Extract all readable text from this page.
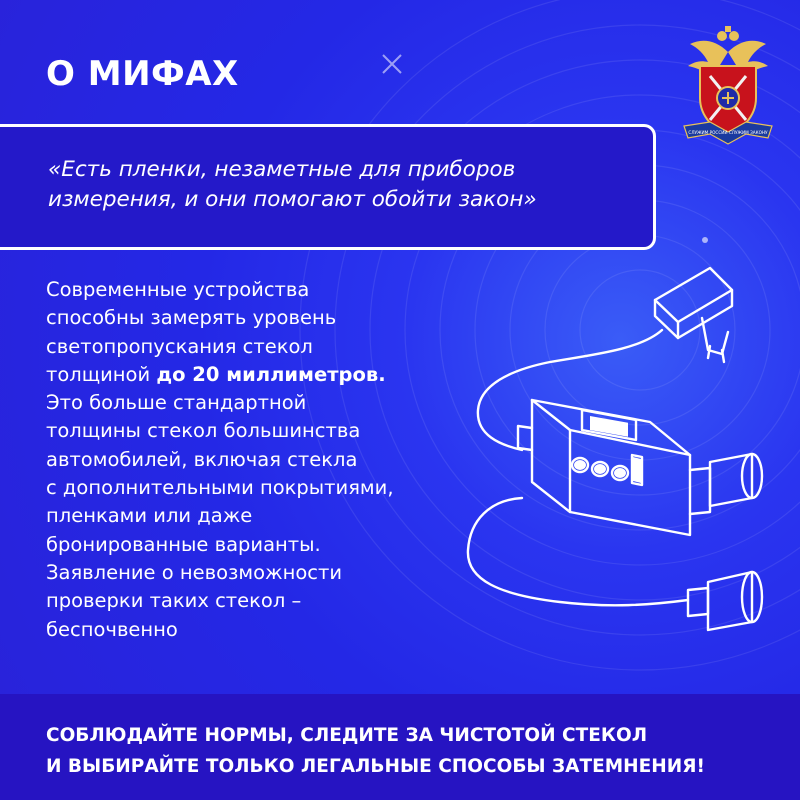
О МИФАХ
СЛУЖИМ РОССИИ СЛУЖИМ ЗАКОНУ

«Есть пленки, незаметные для приборов
измерения, и они помогают обойти закон»

Современные устройства
способны замерять уровень
светопропускания стекол
толщиной до 20 миллиметров.
Это больше стандартной
толщины стекол большинства
автомобилей, включая стекла
с дополнительными покрытиями,
пленками или даже
бронированные варианты.
Заявление о невозможности
проверки таких стекол –
беспочвенно

СОБЛЮДАЙТЕ НОРМЫ, СЛЕДИТЕ ЗА ЧИСТОТОЙ СТЕКОЛ
И ВЫБИРАЙТЕ ТОЛЬКО ЛЕГАЛЬНЫЕ СПОСОБЫ ЗАТЕМНЕНИЯ!
